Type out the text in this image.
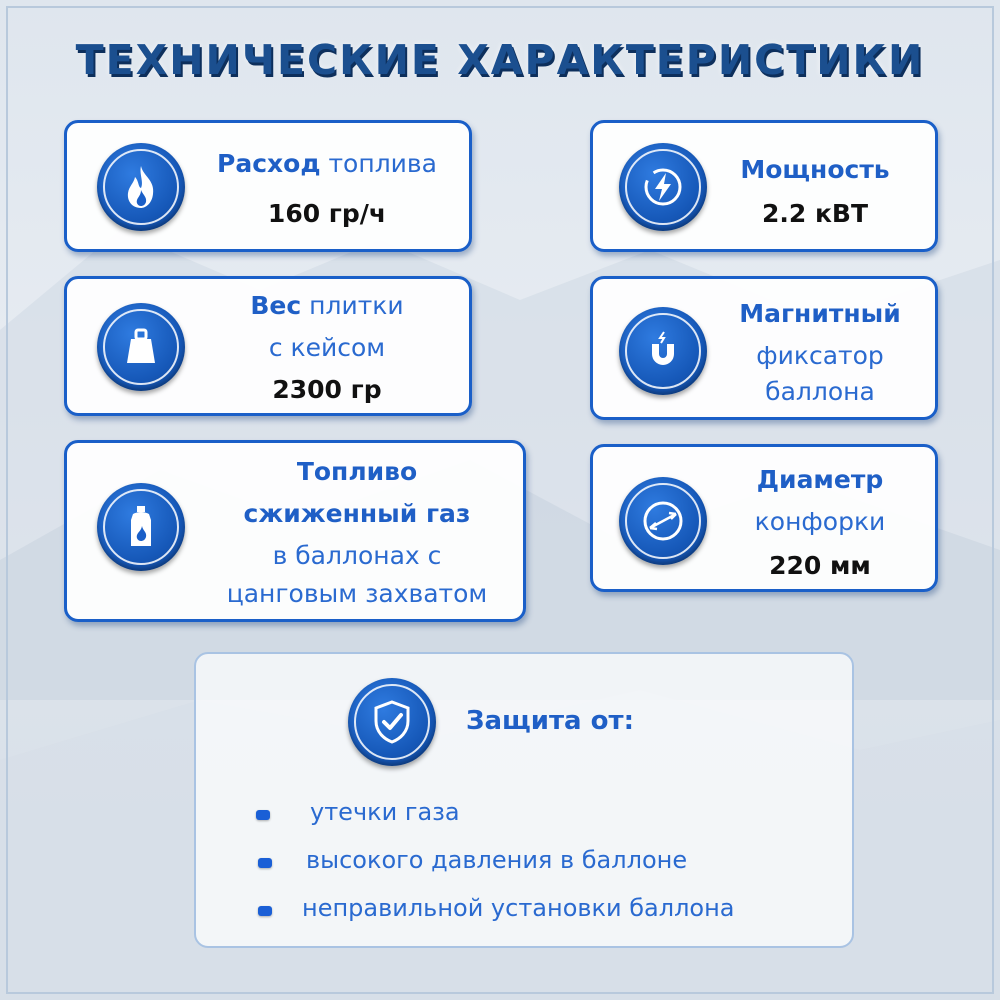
ТЕХНИЧЕСКИЕ ХАРАКТЕРИСТИКИ
Расход топлива
160 гр/ч
Мощность
2.2 кВТ
Вес плитки
с кейсом
2300 гр
Магнитный
фиксатор
баллона
Топливо
сжиженный газ
в баллонах с
цанговым захватом
Диаметр
конфорки
220 мм
Защита от:
утечки газа
высокого давления в баллоне
неправильной установки баллона
